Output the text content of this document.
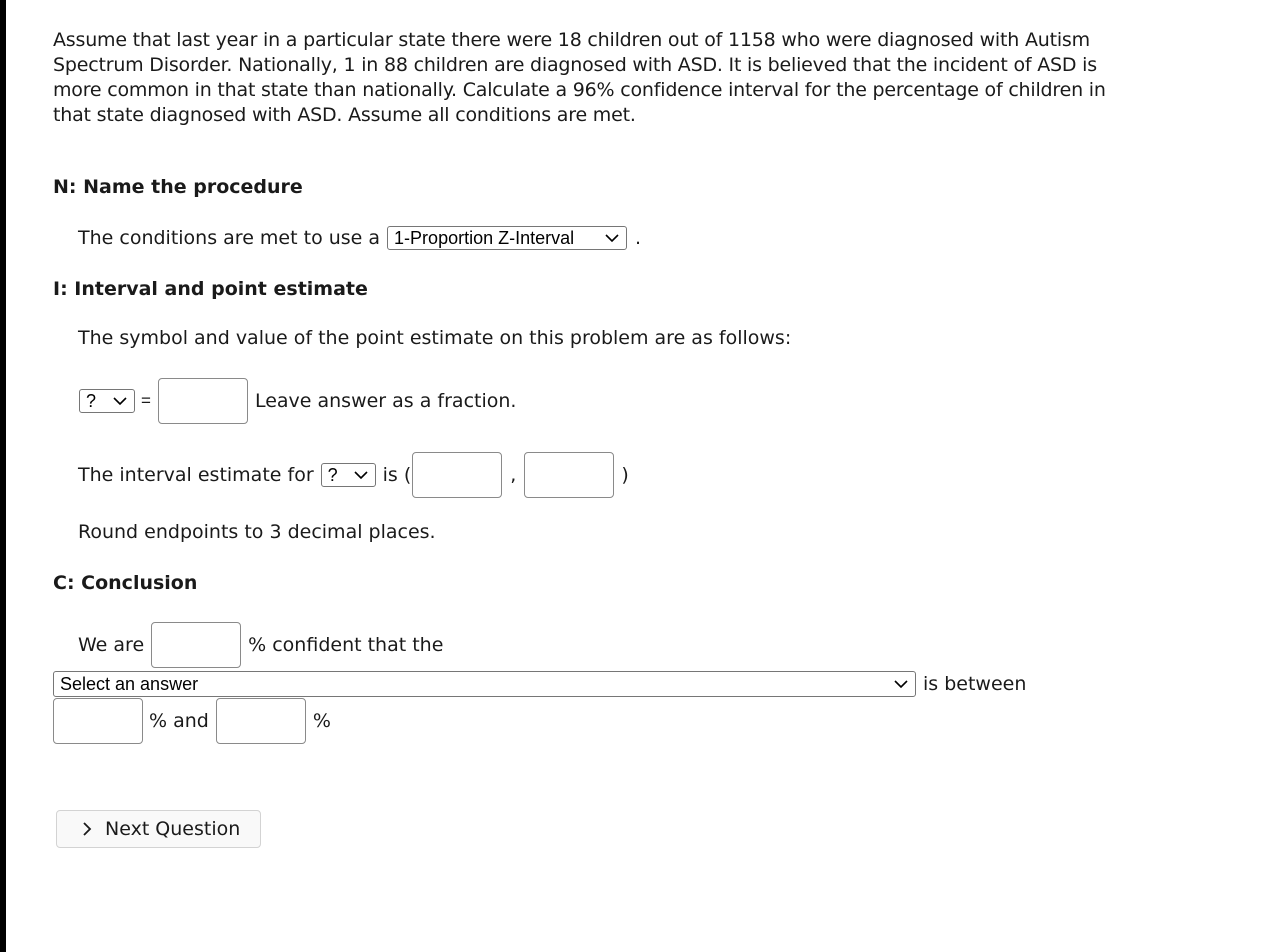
Assume that last year in a particular state there were 18 children out of 1158 who were diagnosed with Autism Spectrum Disorder. Nationally, 1 in 88 children are diagnosed with ASD. It is believed that the incident of ASD is more common in that state than nationally. Calculate a 96% confidence interval for the percentage of children in that state diagnosed with ASD. Assume all conditions are met.
N: Name the procedure
The conditions are met to use a 1-Proportion Z-Interval	.
I: Interval and point estimate
The symbol and value of the point estimate on this problem are as follows:
?	=	Leave answer as a fraction.
The interval estimate for ? is (	,	)
Round endpoints to 3 decimal places.
C: Conclusion
We are	% confident that the
Select an answer	is between
% and	%
Next Question
